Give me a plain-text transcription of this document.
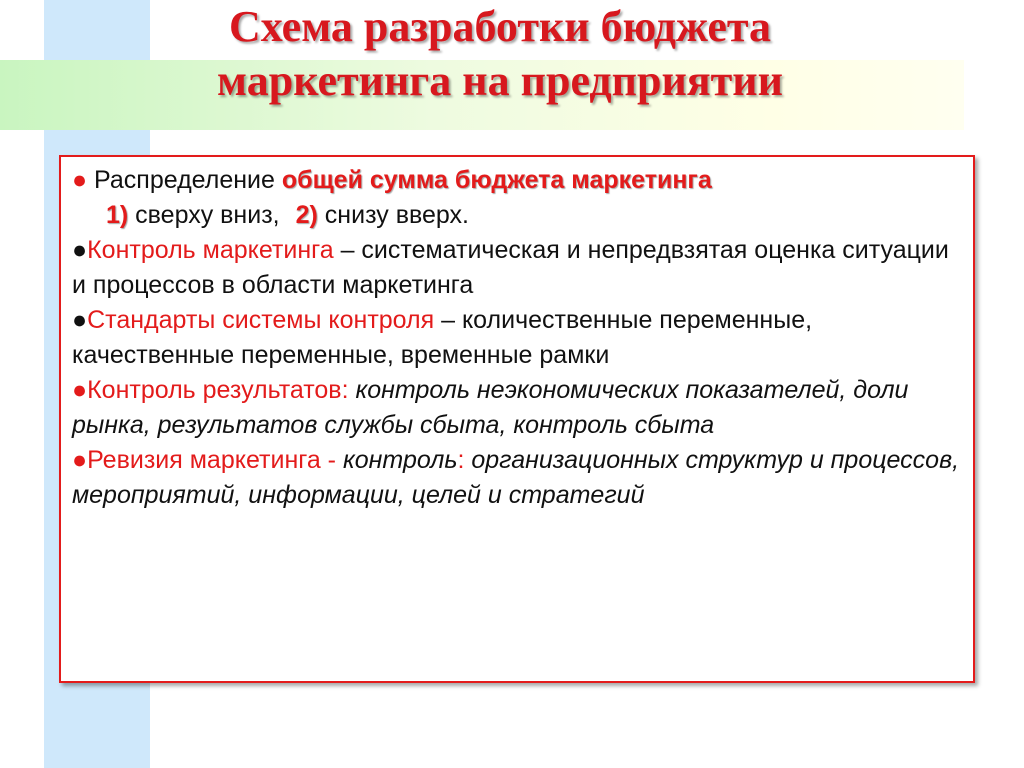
Схема разработки бюджета
маркетинга на предприятии

● Распределение общей сумма бюджета маркетинга

1) сверху вниз, 2) снизу вверх.

●Контроль маркетинга – систематическая и непредвзятая оценка ситуации и процессов в области маркетинга

●Стандарты системы контроля – количественные переменные, качественные переменные, временные рамки

●Контроль результатов: контроль неэкономических показателей, доли рынка, результатов службы сбыта, контроль сбыта

●Ревизия маркетинга - контроль: организационных структур и процессов, мероприятий, информации, целей и стратегий
